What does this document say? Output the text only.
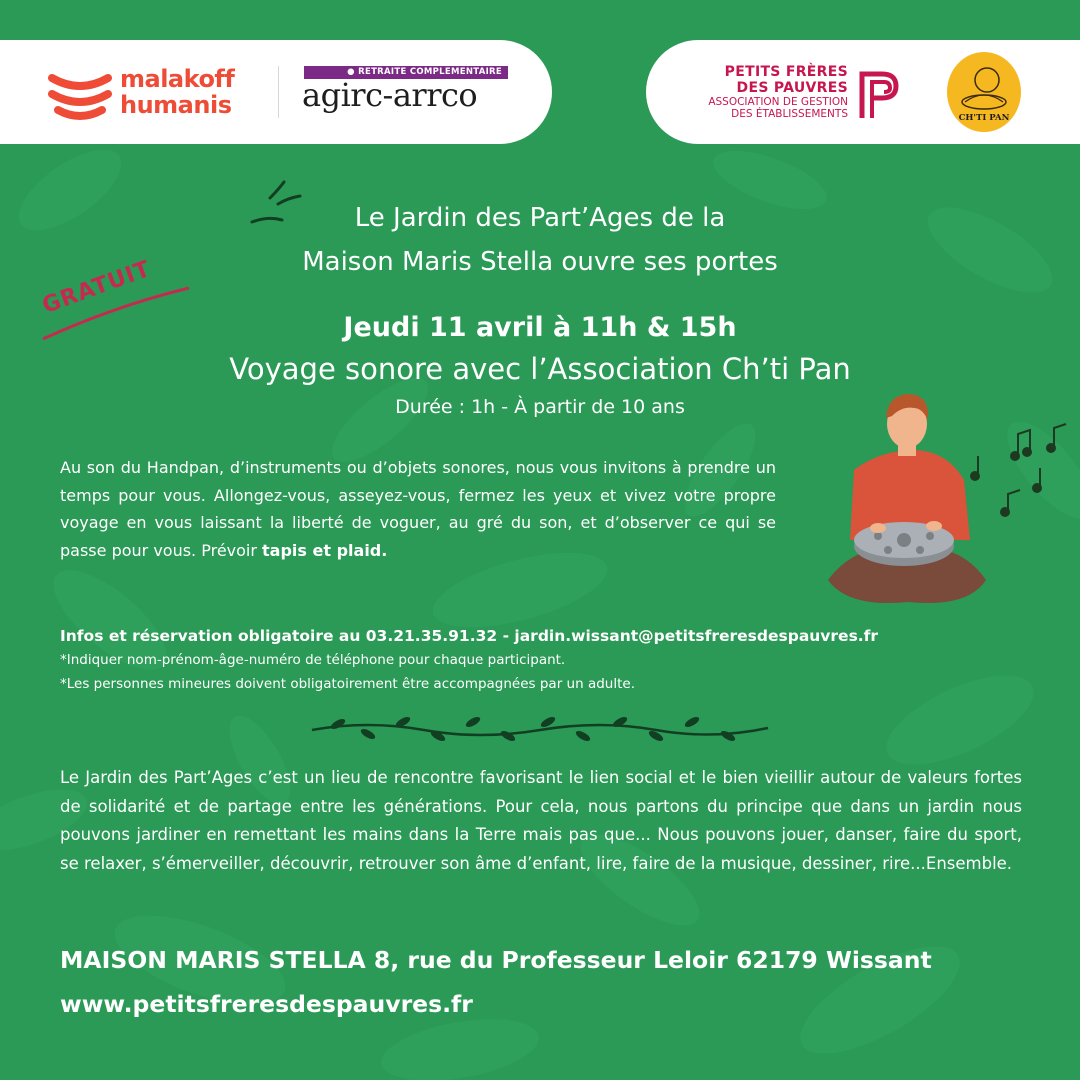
malakoff
humanis
● RETRAITE COMPLEMENTAIRE
agirc-arrco
PETITS FRÈRES
DES PAUVRES
ASSOCIATION DE GESTION
DES ÉTABLISSEMENTS	CH'TI PAN
GRATUIT
Le Jardin des Part’Ages de la
Maison Maris Stella ouvre ses portes
Jeudi 11 avril à 11h & 15h
Voyage sonore avec l’Association Ch’ti Pan
Durée : 1h - À partir de 10 ans
Au son du Handpan, d’instruments ou d’objets sonores, nous vous invitons à prendre un temps pour vous. Allongez-vous, asseyez-vous, fermez les yeux et vivez votre propre voyage en vous laissant la liberté de voguer, au gré du son, et d’observer ce qui se passe pour vous. Prévoir tapis et plaid.
Infos et réservation obligatoire au 03.21.35.91.32 - jardin.wissant@petitsfreresdespauvres.fr
*Indiquer nom-prénom-âge-numéro de téléphone pour chaque participant.
*Les personnes mineures doivent obligatoirement être accompagnées par un adulte.
Le Jardin des Part’Ages c’est un lieu de rencontre favorisant le lien social et le bien vieillir autour de valeurs fortes de solidarité et de partage entre les générations. Pour cela, nous partons du principe que dans un jardin nous pouvons jardiner en remettant les mains dans la Terre mais pas que... Nous pouvons jouer, danser, faire du sport, se relaxer, s’émerveiller, découvrir, retrouver son âme d’enfant, lire, faire de la musique, dessiner, rire...Ensemble.
MAISON MARIS STELLA 8, rue du Professeur Leloir 62179 Wissant
www.petitsfreresdespauvres.fr
